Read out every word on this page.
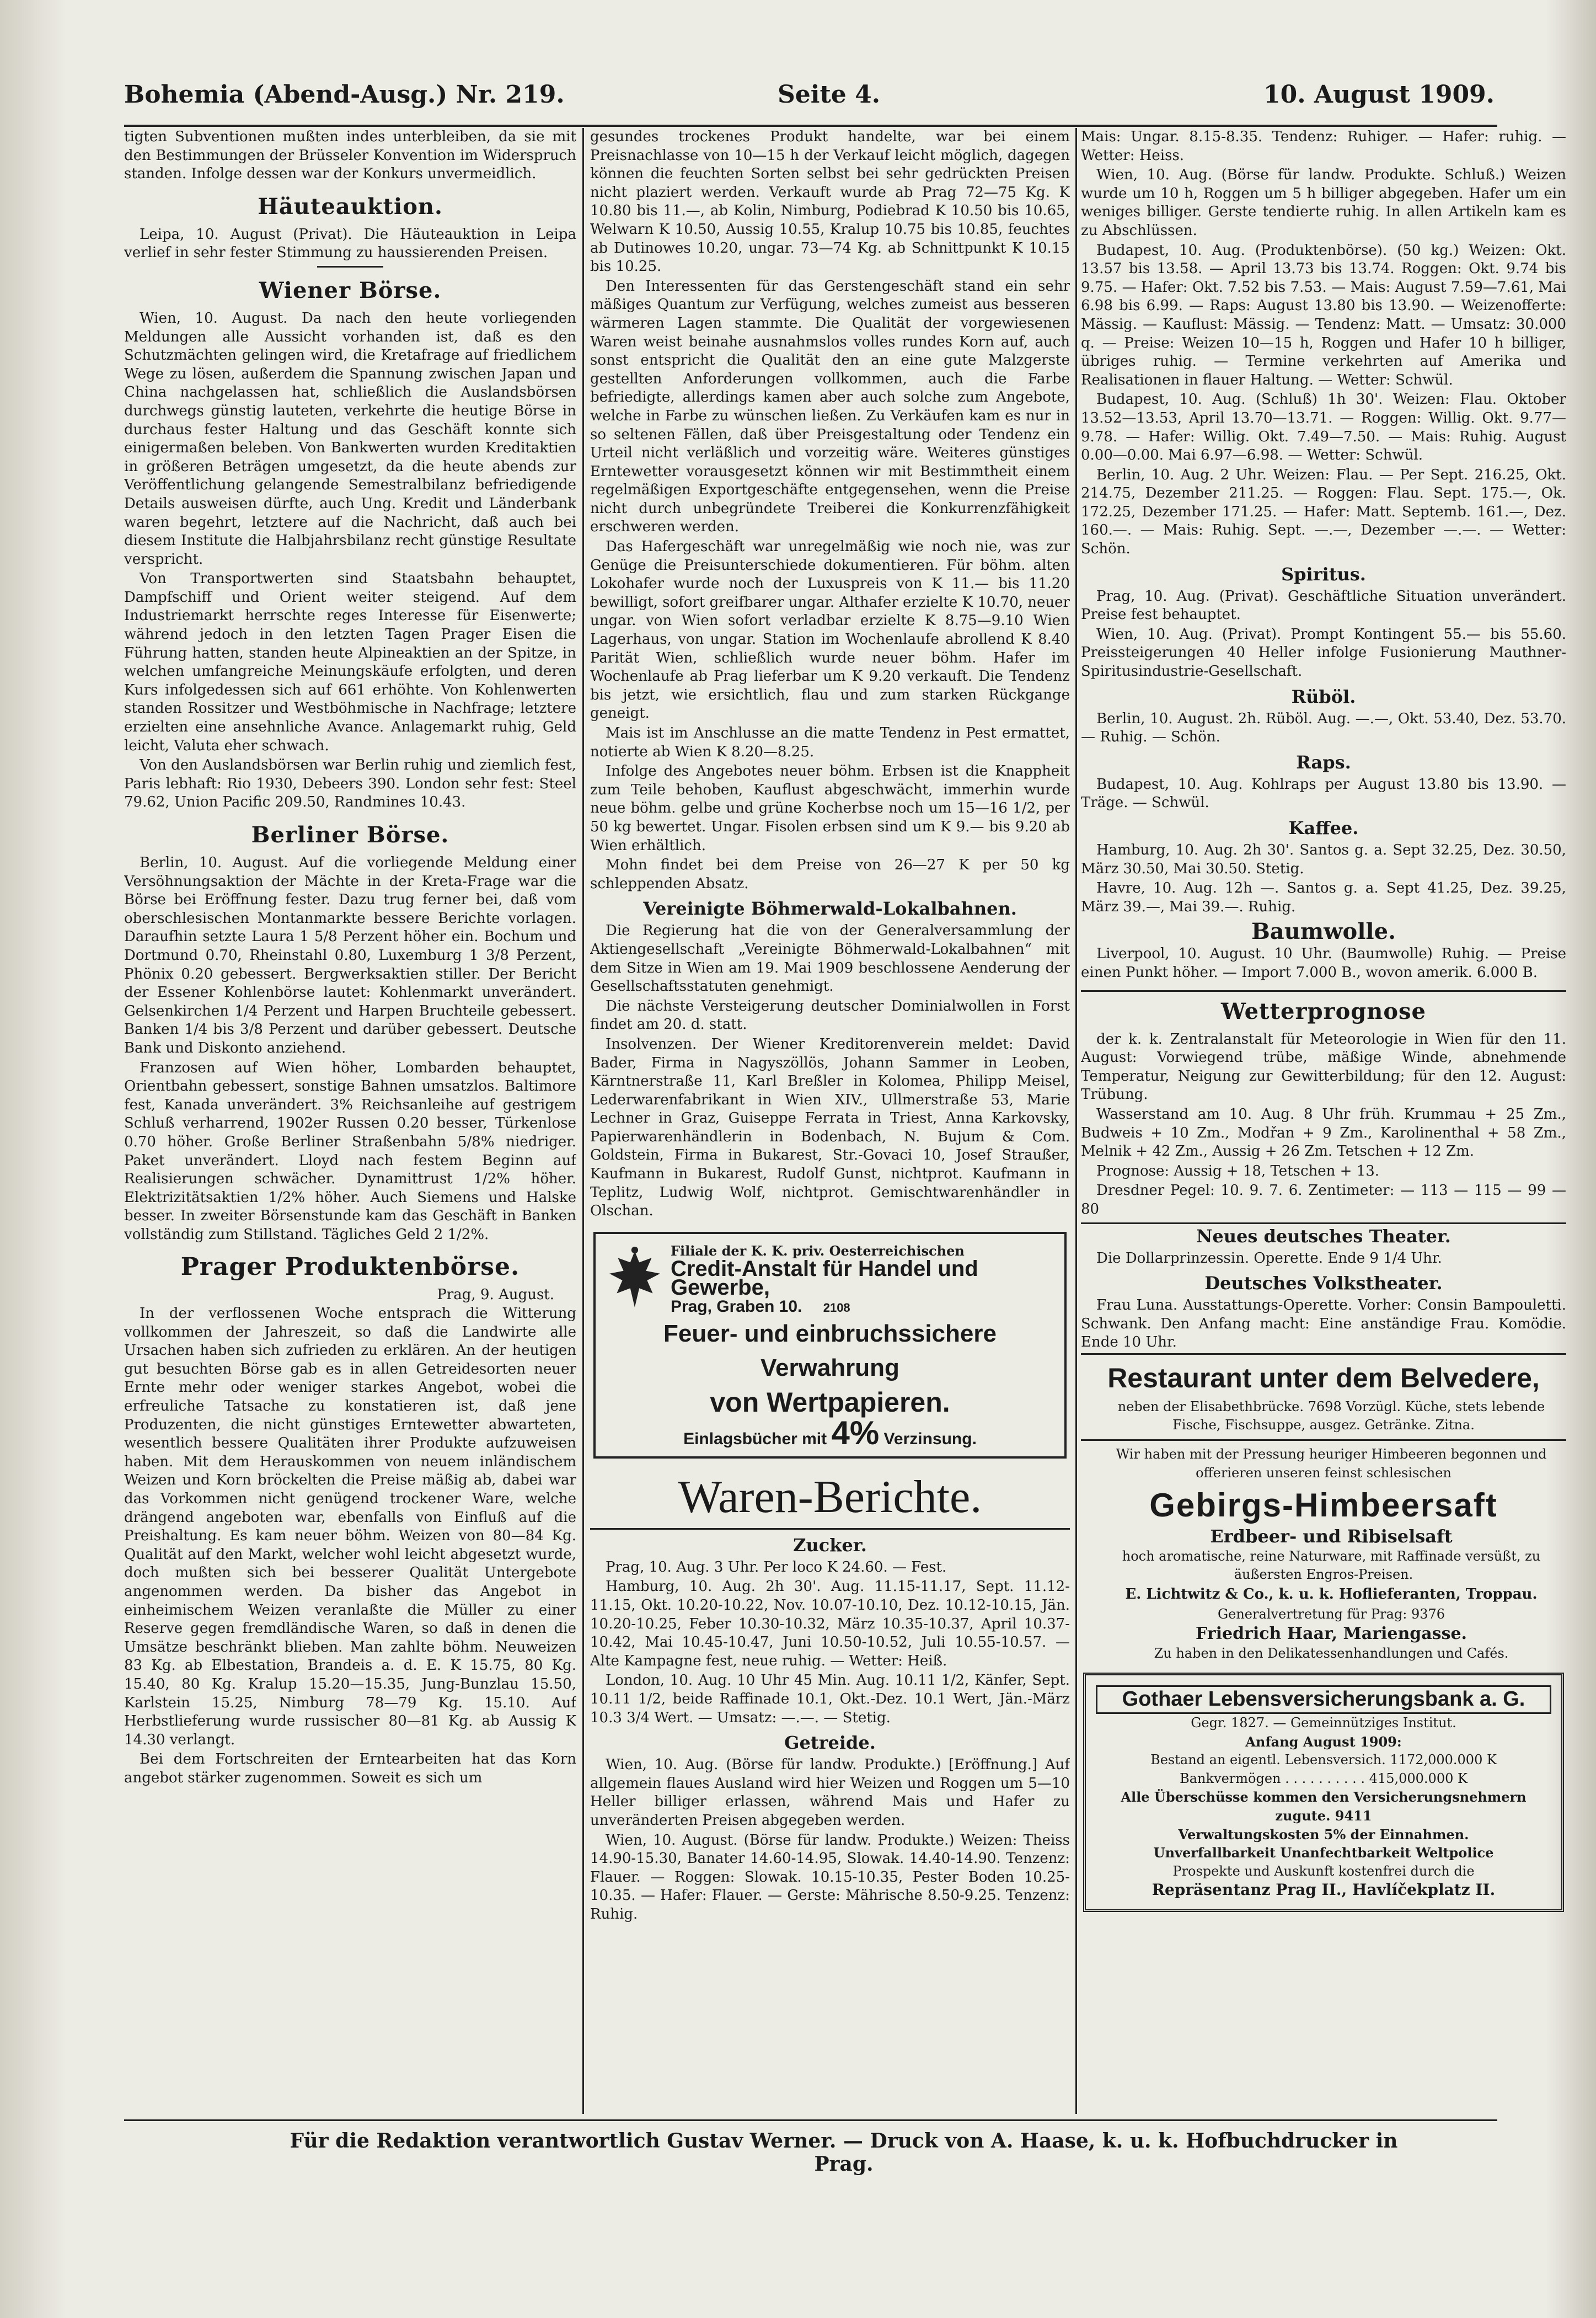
Bohemia (Abend-Ausg.) Nr. 219.	Seite 4.	10. August 1909.

tigten Subventionen mußten indes unterbleiben, da sie mit den Bestimmungen der Brüsseler Konvention im Widerspruch standen. Infolge dessen war der Konkurs unvermeidlich.

Häuteauktion.

Leipa, 10. August (Privat). Die Häuteauktion in Leipa verlief in sehr fester Stimmung zu haussierenden Preisen.

Wiener Börse.

Wien, 10. August. Da nach den heute vorliegenden Meldungen alle Aussicht vorhanden ist, daß es den Schutzmächten gelingen wird, die Kretafrage auf friedlichem Wege zu lösen, außerdem die Spannung zwischen Japan und China nachgelassen hat, schließlich die Auslandsbörsen durchwegs günstig lauteten, verkehrte die heutige Börse in durchaus fester Haltung und das Geschäft konnte sich einigermaßen beleben. Von Bankwerten wurden Kreditaktien in größeren Beträgen umgesetzt, da die heute abends zur Veröffentlichung gelangende Semestralbilanz befriedigende Details ausweisen dürfte, auch Ung. Kredit und Länderbank waren begehrt, letztere auf die Nachricht, daß auch bei diesem Institute die Halbjahrsbilanz recht günstige Resultate verspricht.

Von Transportwerten sind Staatsbahn behauptet, Dampfschiff und Orient weiter steigend. Auf dem Industriemarkt herrschte reges Interesse für Eisenwerte; während jedoch in den letzten Tagen Prager Eisen die Führung hatten, standen heute Alpineaktien an der Spitze, in welchen umfangreiche Meinungskäufe erfolgten, und deren Kurs infolgedessen sich auf 661 erhöhte. Von Kohlenwerten standen Rossitzer und Westböhmische in Nachfrage; letztere erzielten eine ansehnliche Avance. Anlagemarkt ruhig, Geld leicht, Valuta eher schwach.

Von den Auslandsbörsen war Berlin ruhig und ziemlich fest, Paris lebhaft: Rio 1930, Debeers 390. London sehr fest: Steel 79.62, Union Pacific 209.50, Randmines 10.43.

Berliner Börse.

Berlin, 10. August. Auf die vorliegende Meldung einer Versöhnungsaktion der Mächte in der Kreta-Frage war die Börse bei Eröffnung fester. Dazu trug ferner bei, daß vom oberschlesischen Montanmarkte bessere Berichte vorlagen. Daraufhin setzte Laura 1 5/8 Perzent höher ein. Bochum und Dortmund 0.70, Rheinstahl 0.80, Luxemburg 1 3/8 Perzent, Phönix 0.20 gebessert. Bergwerksaktien stiller. Der Bericht der Essener Kohlenbörse lautet: Kohlenmarkt unverändert. Gelsenkirchen 1/4 Perzent und Harpen Bruchteile gebessert. Banken 1/4 bis 3/8 Perzent und darüber gebessert. Deutsche Bank und Diskonto anziehend.

Franzosen auf Wien höher, Lombarden behauptet, Orientbahn gebessert, sonstige Bahnen umsatzlos. Baltimore fest, Kanada unverändert. 3% Reichsanleihe auf gestrigem Schluß verharrend, 1902er Russen 0.20 besser, Türkenlose 0.70 höher. Große Berliner Straßenbahn 5/8% niedriger. Paket unverändert. Lloyd nach festem Beginn auf Realisierungen schwächer. Dynamittrust 1/2% höher. Elektrizitätsaktien 1/2% höher. Auch Siemens und Halske besser. In zweiter Börsenstunde kam das Geschäft in Banken vollständig zum Stillstand. Tägliches Geld 2 1/2%.

Prager Produktenbörse.
Prag, 9. August.

In der verflossenen Woche entsprach die Witterung vollkommen der Jahreszeit, so daß die Landwirte alle Ursachen haben sich zufrieden zu erklären. An der heutigen gut besuchten Börse gab es in allen Getreidesorten neuer Ernte mehr oder weniger starkes Angebot, wobei die erfreuliche Tatsache zu konstatieren ist, daß jene Produzenten, die nicht günstiges Erntewetter abwarteten, wesentlich bessere Qualitäten ihrer Produkte aufzuweisen haben. Mit dem Herauskommen von neuem inländischem Weizen und Korn bröckelten die Preise mäßig ab, dabei war das Vorkommen nicht genügend trockener Ware, welche drängend angeboten war, ebenfalls von Einfluß auf die Preishaltung. Es kam neuer böhm. Weizen von 80—84 Kg. Qualität auf den Markt, welcher wohl leicht abgesetzt wurde, doch mußten sich bei besserer Qualität Untergebote angenommen werden. Da bisher das Angebot in einheimischem Weizen veranlaßte die Müller zu einer Reserve gegen fremdländische Waren, so daß in denen die Umsätze beschränkt blieben. Man zahlte böhm. Neuweizen 83 Kg. ab Elbestation, Brandeis a. d. E. K 15.75, 80 Kg. 15.40, 80 Kg. Kralup 15.20—15.35, Jung-Bunzlau 15.50, Karlstein 15.25, Nimburg 78—79 Kg. 15.10. Auf Herbstlieferung wurde russischer 80—81 Kg. ab Aussig K 14.30 verlangt.

Bei dem Fortschreiten der Erntearbeiten hat das Korn angebot stärker zugenommen. Soweit es sich um

gesundes trockenes Produkt handelte, war bei einem Preisnachlasse von 10—15 h der Verkauf leicht möglich, dagegen können die feuchten Sorten selbst bei sehr gedrückten Preisen nicht plaziert werden. Verkauft wurde ab Prag 72—75 Kg. K 10.80 bis 11.—, ab Kolin, Nimburg, Podiebrad K 10.50 bis 10.65, Welwarn K 10.50, Aussig 10.55, Kralup 10.75 bis 10.85, feuchtes ab Dutinowes 10.20, ungar. 73—74 Kg. ab Schnittpunkt K 10.15 bis 10.25.

Den Interessenten für das Gerstengeschäft stand ein sehr mäßiges Quantum zur Verfügung, welches zumeist aus besseren wärmeren Lagen stammte. Die Qualität der vorgewiesenen Waren weist beinahe ausnahmslos volles rundes Korn auf, auch sonst entspricht die Qualität den an eine gute Malzgerste gestellten Anforderungen vollkommen, auch die Farbe befriedigte, allerdings kamen aber auch solche zum Angebote, welche in Farbe zu wünschen ließen. Zu Verkäufen kam es nur in so seltenen Fällen, daß über Preisgestaltung oder Tendenz ein Urteil nicht verläßlich und vorzeitig wäre. Weiteres günstiges Erntewetter vorausgesetzt können wir mit Bestimmtheit einem regelmäßigen Exportgeschäfte entgegensehen, wenn die Preise nicht durch unbegründete Treiberei die Konkurrenzfähigkeit erschweren werden.

Das Hafergeschäft war unregelmäßig wie noch nie, was zur Genüge die Preisunterschiede dokumentieren. Für böhm. alten Lokohafer wurde noch der Luxuspreis von K 11.— bis 11.20 bewilligt, sofort greifbarer ungar. Althafer erzielte K 10.70, neuer ungar. von Wien sofort verladbar erzielte K 8.75—9.10 Wien Lagerhaus, von ungar. Station im Wochenlaufe abrollend K 8.40 Parität Wien, schließlich wurde neuer böhm. Hafer im Wochenlaufe ab Prag lieferbar um K 9.20 verkauft. Die Tendenz bis jetzt, wie ersichtlich, flau und zum starken Rückgange geneigt.

Mais ist im Anschlusse an die matte Tendenz in Pest ermattet, notierte ab Wien K 8.20—8.25.

Infolge des Angebotes neuer böhm. Erbsen ist die Knappheit zum Teile behoben, Kauflust abgeschwächt, immerhin wurde neue böhm. gelbe und grüne Kocherbse noch um 15—16 1/2, per 50 kg bewertet. Ungar. Fisolen erbsen sind um K 9.— bis 9.20 ab Wien erhältlich.

Mohn findet bei dem Preise von 26—27 K per 50 kg schleppenden Absatz.

Vereinigte Böhmerwald-Lokalbahnen.

Die Regierung hat die von der Generalversammlung der Aktiengesellschaft „Vereinigte Böhmerwald-Lokalbahnen“ mit dem Sitze in Wien am 19. Mai 1909 beschlossene Aenderung der Gesellschaftsstatuten genehmigt.

Die nächste Versteigerung deutscher Dominialwollen in Forst findet am 20. d. statt.

Insolvenzen. Der Wiener Kreditorenverein meldet: David Bader, Firma in Nagyszöllös, Johann Sammer in Leoben, Kärntnerstraße 11, Karl Breßler in Kolomea, Philipp Meisel, Lederwarenfabrikant in Wien XIV., Ullmerstraße 53, Marie Lechner in Graz, Guiseppe Ferrata in Triest, Anna Karkovsky, Papierwarenhändlerin in Bodenbach, N. Bujum & Com. Goldstein, Firma in Bukarest, Str.-Govaci 10, Josef Straußer, Kaufmann in Bukarest, Rudolf Gunst, nichtprot. Kaufmann in Teplitz, Ludwig Wolf, nichtprot. Gemischtwarenhändler in Olschan.

Filiale der K. K. priv. Oesterreichischen
Credit-Anstalt für Handel und Gewerbe,
Prag, Graben 10. 2108
Feuer- und einbruchssichere Verwahrung
von Wertpapieren.
Einlagsbücher mit 4% Verzinsung.
Waren-Berichte.
Zucker.

Prag, 10. Aug. 3 Uhr. Per loco K 24.60. — Fest.

Hamburg, 10. Aug. 2h 30'. Aug. 11.15-11.17, Sept. 11.12-11.15, Okt. 10.20-10.22, Nov. 10.07-10.10, Dez. 10.12-10.15, Jän. 10.20-10.25, Feber 10.30-10.32, März 10.35-10.37, April 10.37-10.42, Mai 10.45-10.47, Juni 10.50-10.52, Juli 10.55-10.57. — Alte Kampagne fest, neue ruhig. — Wetter: Heiß.

London, 10. Aug. 10 Uhr 45 Min. Aug. 10.11 1/2, Känfer, Sept. 10.11 1/2, beide Raffinade 10.1, Okt.-Dez. 10.1 Wert, Jän.-März 10.3 3/4 Wert. — Umsatz: —.—. — Stetig.

Getreide.

Wien, 10. Aug. (Börse für landw. Produkte.) [Eröffnung.] Auf allgemein flaues Ausland wird hier Weizen und Roggen um 5—10 Heller billiger erlassen, während Mais und Hafer zu unveränderten Preisen abgegeben werden.

Wien, 10. August. (Börse für landw. Produkte.) Weizen: Theiss 14.90-15.30, Banater 14.60-14.95, Slowak. 14.40-14.90. Tenzenz: Flauer. — Roggen: Slowak. 10.15-10.35, Pester Boden 10.25-10.35. — Hafer: Flauer. — Gerste: Mährische 8.50-9.25. Tenzenz: Ruhig.

Mais: Ungar. 8.15-8.35. Tendenz: Ruhiger. — Hafer: ruhig. — Wetter: Heiss.

Wien, 10. Aug. (Börse für landw. Produkte. Schluß.) Weizen wurde um 10 h, Roggen um 5 h billiger abgegeben. Hafer um ein weniges billiger. Gerste tendierte ruhig. In allen Artikeln kam es zu Abschlüssen.

Budapest, 10. Aug. (Produktenbörse). (50 kg.) Weizen: Okt. 13.57 bis 13.58. — April 13.73 bis 13.74. Roggen: Okt. 9.74 bis 9.75. — Hafer: Okt. 7.52 bis 7.53. — Mais: August 7.59—7.61, Mai 6.98 bis 6.99. — Raps: August 13.80 bis 13.90. — Weizenofferte: Mässig. — Kauflust: Mässig. — Tendenz: Matt. — Umsatz: 30.000 q. — Preise: Weizen 10—15 h, Roggen und Hafer 10 h billiger, übriges ruhig. — Termine verkehrten auf Amerika und Realisationen in flauer Haltung. — Wetter: Schwül.

Budapest, 10. Aug. (Schluß) 1h 30'. Weizen: Flau. Oktober 13.52—13.53, April 13.70—13.71. — Roggen: Willig. Okt. 9.77—9.78. — Hafer: Willig. Okt. 7.49—7.50. — Mais: Ruhig. August 0.00—0.00. Mai 6.97—6.98. — Wetter: Schwül.

Berlin, 10. Aug. 2 Uhr. Weizen: Flau. — Per Sept. 216.25, Okt. 214.75, Dezember 211.25. — Roggen: Flau. Sept. 175.—, Ok. 172.25, Dezember 171.25. — Hafer: Matt. Septemb. 161.—, Dez. 160.—. — Mais: Ruhig. Sept. —.—, Dezember —.—. — Wetter: Schön.

Spiritus.

Prag, 10. Aug. (Privat). Geschäftliche Situation unverändert. Preise fest behauptet.

Wien, 10. Aug. (Privat). Prompt Kontingent 55.— bis 55.60. Preissteigerungen 40 Heller infolge Fusionierung Mauthner-Spiritusindustrie-Gesellschaft.

Rüböl.

Berlin, 10. August. 2h. Rüböl. Aug. —.—, Okt. 53.40, Dez. 53.70. — Ruhig. — Schön.

Raps.

Budapest, 10. Aug. Kohlraps per August 13.80 bis 13.90. — Träge. — Schwül.

Kaffee.

Hamburg, 10. Aug. 2h 30'. Santos g. a. Sept 32.25, Dez. 30.50, März 30.50, Mai 30.50. Stetig.

Havre, 10. Aug. 12h —. Santos g. a. Sept 41.25, Dez. 39.25, März 39.—, Mai 39.—. Ruhig.

Baumwolle.

Liverpool, 10. August. 10 Uhr. (Baumwolle) Ruhig. — Preise einen Punkt höher. — Import 7.000 B., wovon amerik. 6.000 B.

Wetterprognose

der k. k. Zentralanstalt für Meteorologie in Wien für den 11. August: Vorwiegend trübe, mäßige Winde, abnehmende Temperatur, Neigung zur Gewitterbildung; für den 12. August: Trübung.

Wasserstand am 10. Aug. 8 Uhr früh. Krummau + 25 Zm., Budweis + 10 Zm., Modřan + 9 Zm., Karolinenthal + 58 Zm., Melnik + 42 Zm., Aussig + 26 Zm. Tetschen + 12 Zm.

Prognose: Aussig + 18, Tetschen + 13.

Dresdner Pegel: 10. 9. 7. 6. Zentimeter: — 113 — 115 — 99 — 80

Neues deutsches Theater.

Die Dollarprinzessin. Operette. Ende 9 1/4 Uhr.

Deutsches Volkstheater.

Frau Luna. Ausstattungs-Operette. Vorher: Consin Bampouletti. Schwank. Den Anfang macht: Eine anständige Frau. Komödie. Ende 10 Uhr.

Restaurant unter dem Belvedere,

neben der Elisabethbrücke. 7698 Vorzügl. Küche, stets lebende Fische, Fischsuppe, ausgez. Getränke. Zitna.

Wir haben mit der Pressung heuriger Himbeeren begonnen und offerieren unseren feinst schlesischen

Gebirgs-Himbeersaft

Erdbeer- und Ribiselsaft

hoch aromatische, reine Naturware, mit Raffinade versüßt, zu äußersten Engros-Preisen.

E. Lichtwitz & Co., k. u. k. Hoflieferanten, Troppau.

Generalvertretung für Prag: 9376

Friedrich Haar, Mariengasse.

Zu haben in den Delikatessenhandlungen und Cafés.

Gothaer Lebensversicherungsbank a. G.
Gegr. 1827. — Gemeinnütziges Institut.
Anfang August 1909:
Bestand an eigentl. Lebensversich. 1172,000.000 K
Bankvermögen . . . . . . . . . . 415,000.000 K
Alle Überschüsse kommen den Versicherungsnehmern zugute. 9411
Verwaltungskosten 5% der Einnahmen.
Unverfallbarkeit Unanfechtbarkeit Weltpolice
Prospekte und Auskunft kostenfrei durch die
Repräsentanz Prag II., Havlíčekplatz II.
Für die Redaktion verantwortlich Gustav Werner. — Druck von A. Haase, k. u. k. Hofbuchdrucker in Prag.
